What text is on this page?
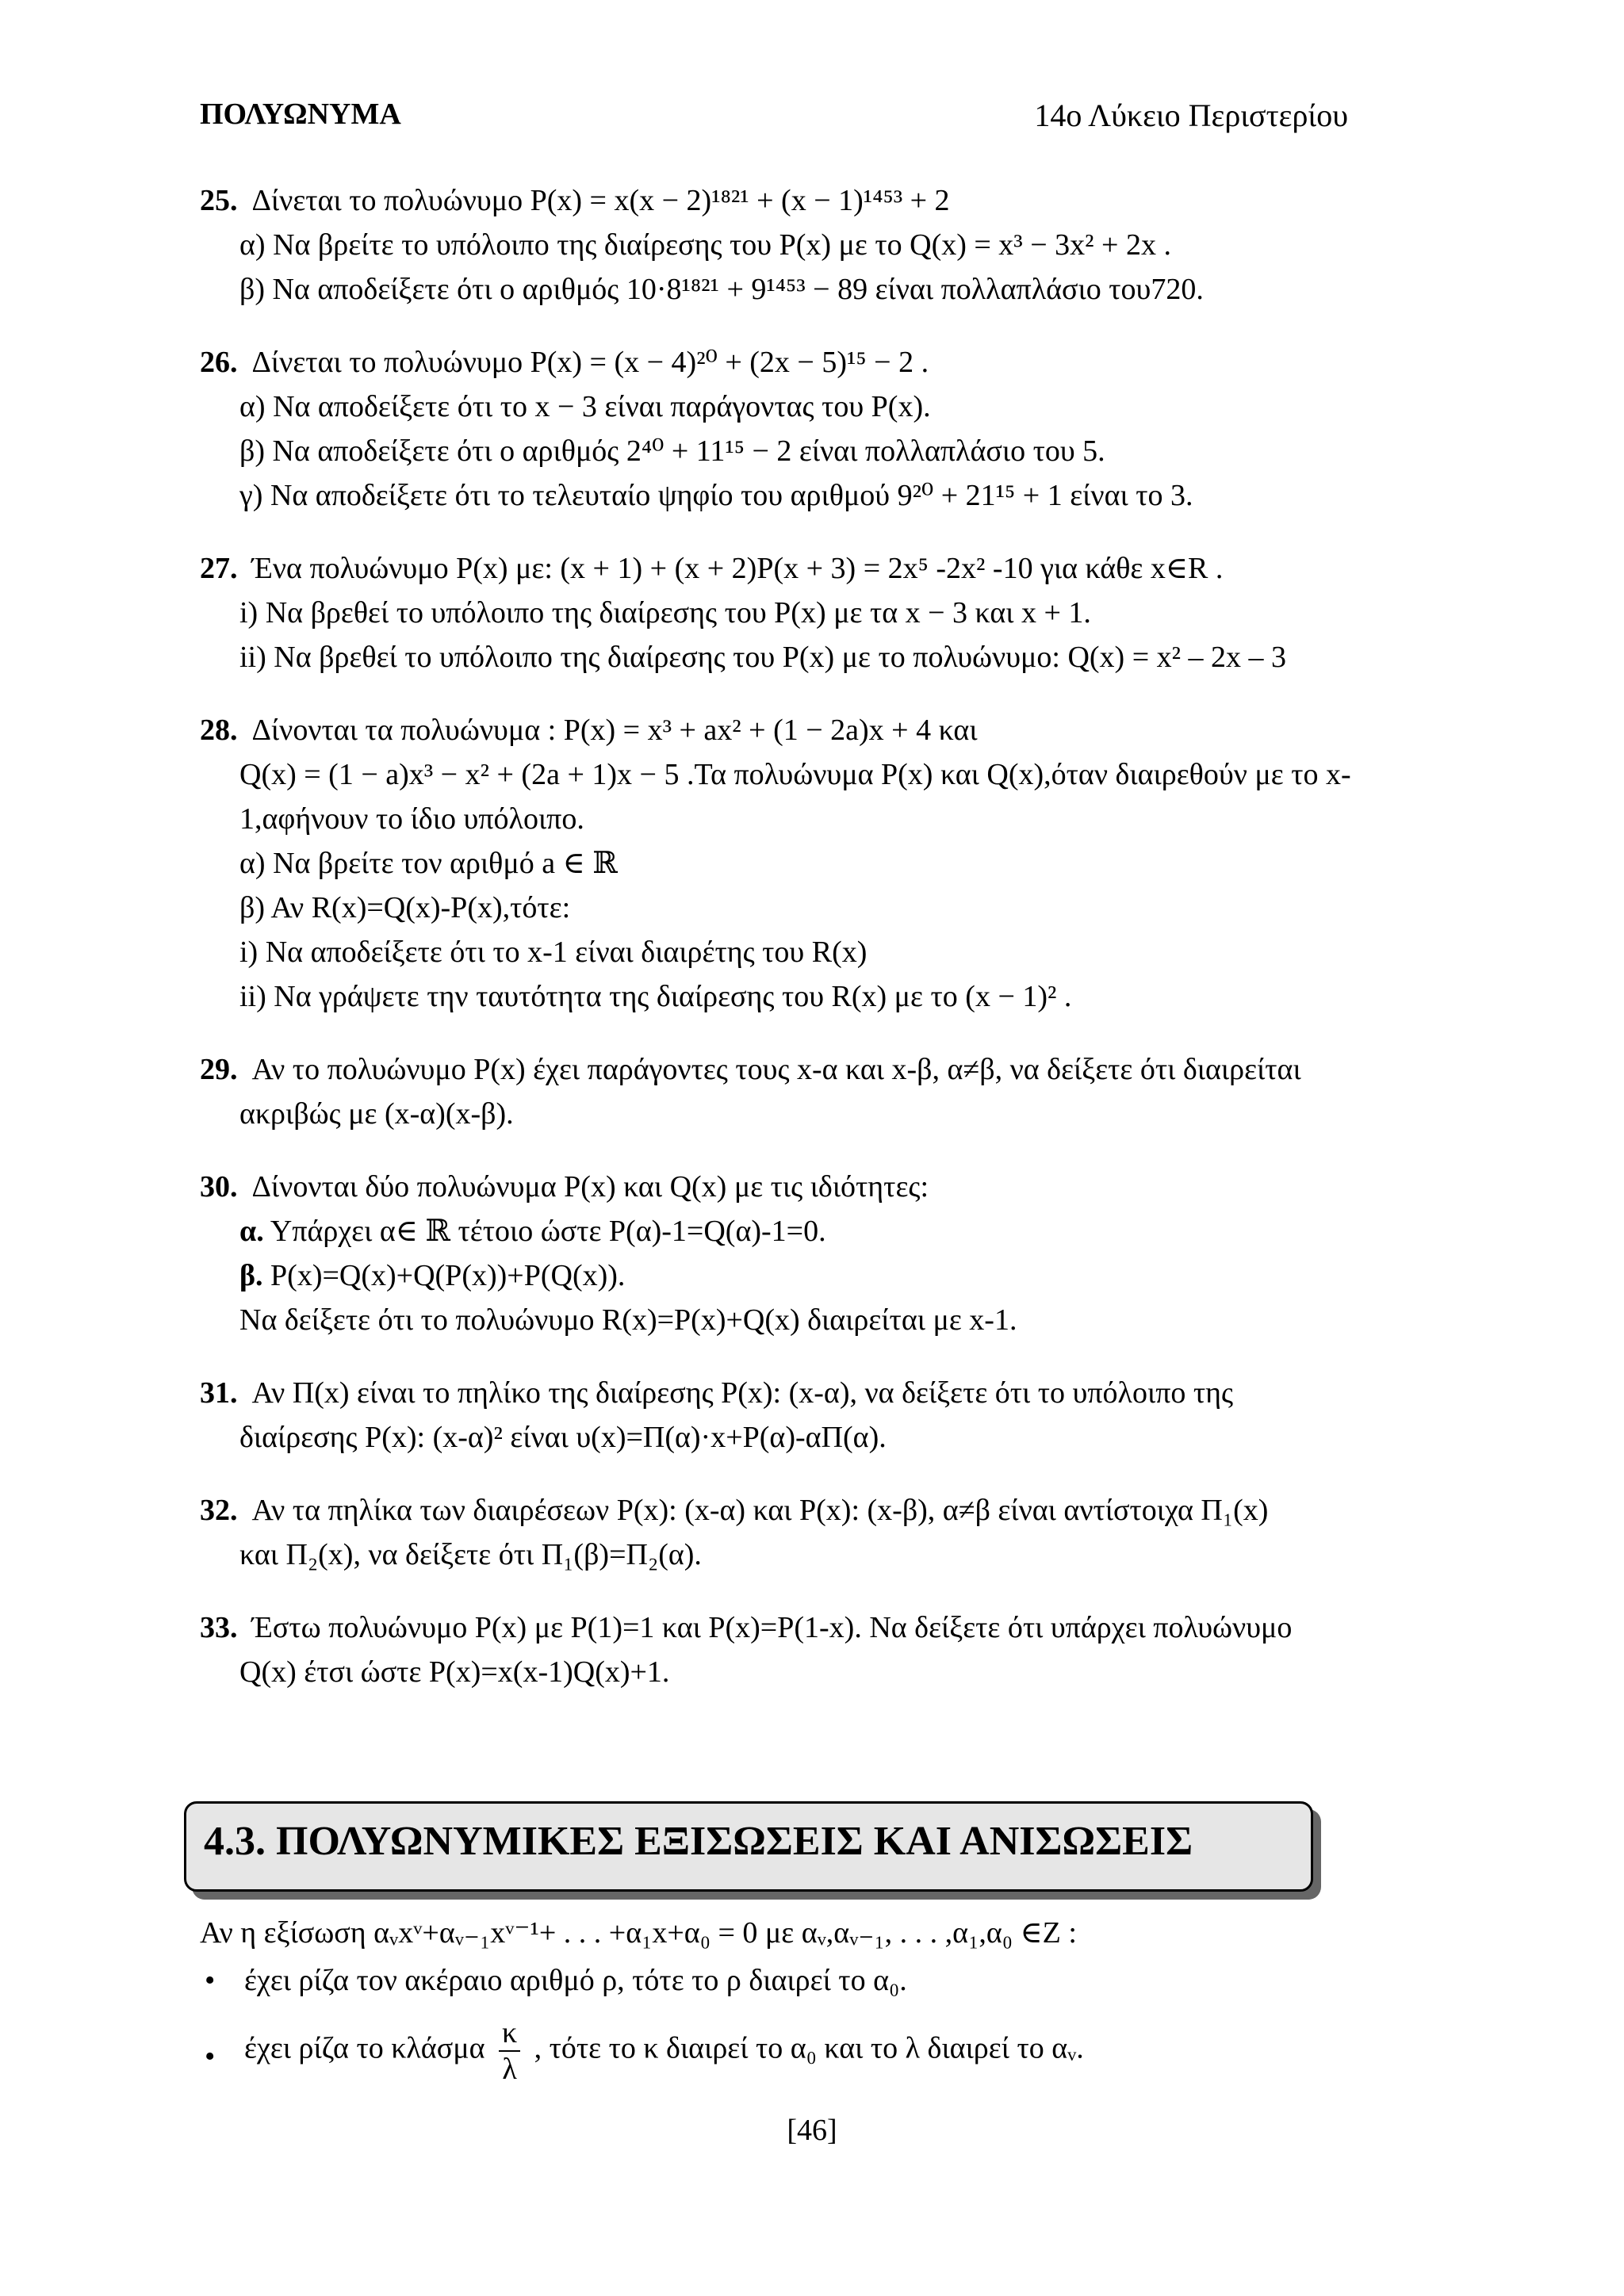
ΠΟΛΥΩΝΥΜΑ	14ο Λύκειο Περιστερίου
25. Δίνεται το πολυώνυμο P(x) = x(x − 2)¹⁸²¹ + (x − 1)¹⁴⁵³ + 2
α) Να βρείτε το υπόλοιπο της διαίρεσης του P(x) με το Q(x) = x³ − 3x² + 2x .
β) Να αποδείξετε ότι ο αριθμός 10·8¹⁸²¹ + 9¹⁴⁵³ − 89 είναι πολλαπλάσιο του720.
26. Δίνεται το πολυώνυμο P(x) = (x − 4)²⁰ + (2x − 5)¹⁵ − 2 .
α) Να αποδείξετε ότι το x − 3 είναι παράγοντας του P(x).
β) Να αποδείξετε ότι ο αριθμός 2⁴⁰ + 11¹⁵ − 2 είναι πολλαπλάσιο του 5.
γ) Να αποδείξετε ότι το τελευταίο ψηφίο του αριθμού 9²⁰ + 21¹⁵ + 1 είναι το 3.
27. Ένα πολυώνυμο P(x) με: (x + 1) + (x + 2)P(x + 3) = 2x⁵ -2x² -10 για κάθε x∈R .
i) Να βρεθεί το υπόλοιπο της διαίρεσης του P(x) με τα x − 3 και x + 1.
ii) Να βρεθεί το υπόλοιπο της διαίρεσης του P(x) με το πολυώνυμο: Q(x) = x² – 2x – 3
28. Δίνονται τα πολυώνυμα : P(x) = x³ + ax² + (1 − 2a)x + 4 και
Q(x) = (1 − a)x³ − x² + (2a + 1)x − 5 .Τα πολυώνυμα P(x) και Q(x),όταν διαιρεθούν με το x-
1,αφήνουν το ίδιο υπόλοιπο.
α) Να βρείτε τον αριθμό a ∈ ℝ
β) Αν R(x)=Q(x)-P(x),τότε:
i) Να αποδείξετε ότι το x-1 είναι διαιρέτης του R(x)
ii) Να γράψετε την ταυτότητα της διαίρεσης του R(x) με το (x − 1)² .
29. Αν το πολυώνυμο P(x) έχει παράγοντες τους x-α και x-β, α≠β, να δείξετε ότι διαιρείται
ακριβώς με (x-α)(x-β).
30. Δίνονται δύο πολυώνυμα P(x) και Q(x) με τις ιδιότητες:
α. Υπάρχει α∈ ℝ τέτοιο ώστε P(α)-1=Q(α)-1=0.
β. P(x)=Q(x)+Q(P(x))+P(Q(x)).
Να δείξετε ότι το πολυώνυμο R(x)=P(x)+Q(x) διαιρείται με x-1.
31. Αν Π(x) είναι το πηλίκο της διαίρεσης P(x): (x-α), να δείξετε ότι το υπόλοιπο της
διαίρεσης P(x): (x-α)² είναι υ(x)=Π(α)·x+P(α)-αΠ(α).
32. Αν τα πηλίκα των διαιρέσεων P(x): (x-α) και P(x): (x-β), α≠β είναι αντίστοιχα Π₁(x)
και Π₂(x), να δείξετε ότι Π₁(β)=Π₂(α).
33. Έστω πολυώνυμο P(x) με P(1)=1 και P(x)=P(1-x). Να δείξετε ότι υπάρχει πολυώνυμο
Q(x) έτσι ώστε P(x)=x(x-1)Q(x)+1.
4.3. ΠΟΛΥΩΝΥΜΙΚΕΣ ΕΞΙΣΩΣΕΙΣ ΚΑΙ ΑΝΙΣΩΣΕΙΣ
Αν η εξίσωση αᵥxᵛ+αᵥ₋₁xᵛ⁻¹+ . . . +α₁x+α₀ = 0 με αᵥ,αᵥ₋₁, . . . ,α₁,α₀ ∈Z :
• έχει ρίζα τον ακέραιο αριθμό ρ, τότε το ρ διαιρεί το α₀.
• έχει ρίζα το κλάσμα $\frac{\kappa}{\lambda}$ , τότε το κ διαιρεί το α₀ και το λ διαιρεί το αᵥ.
[46]
